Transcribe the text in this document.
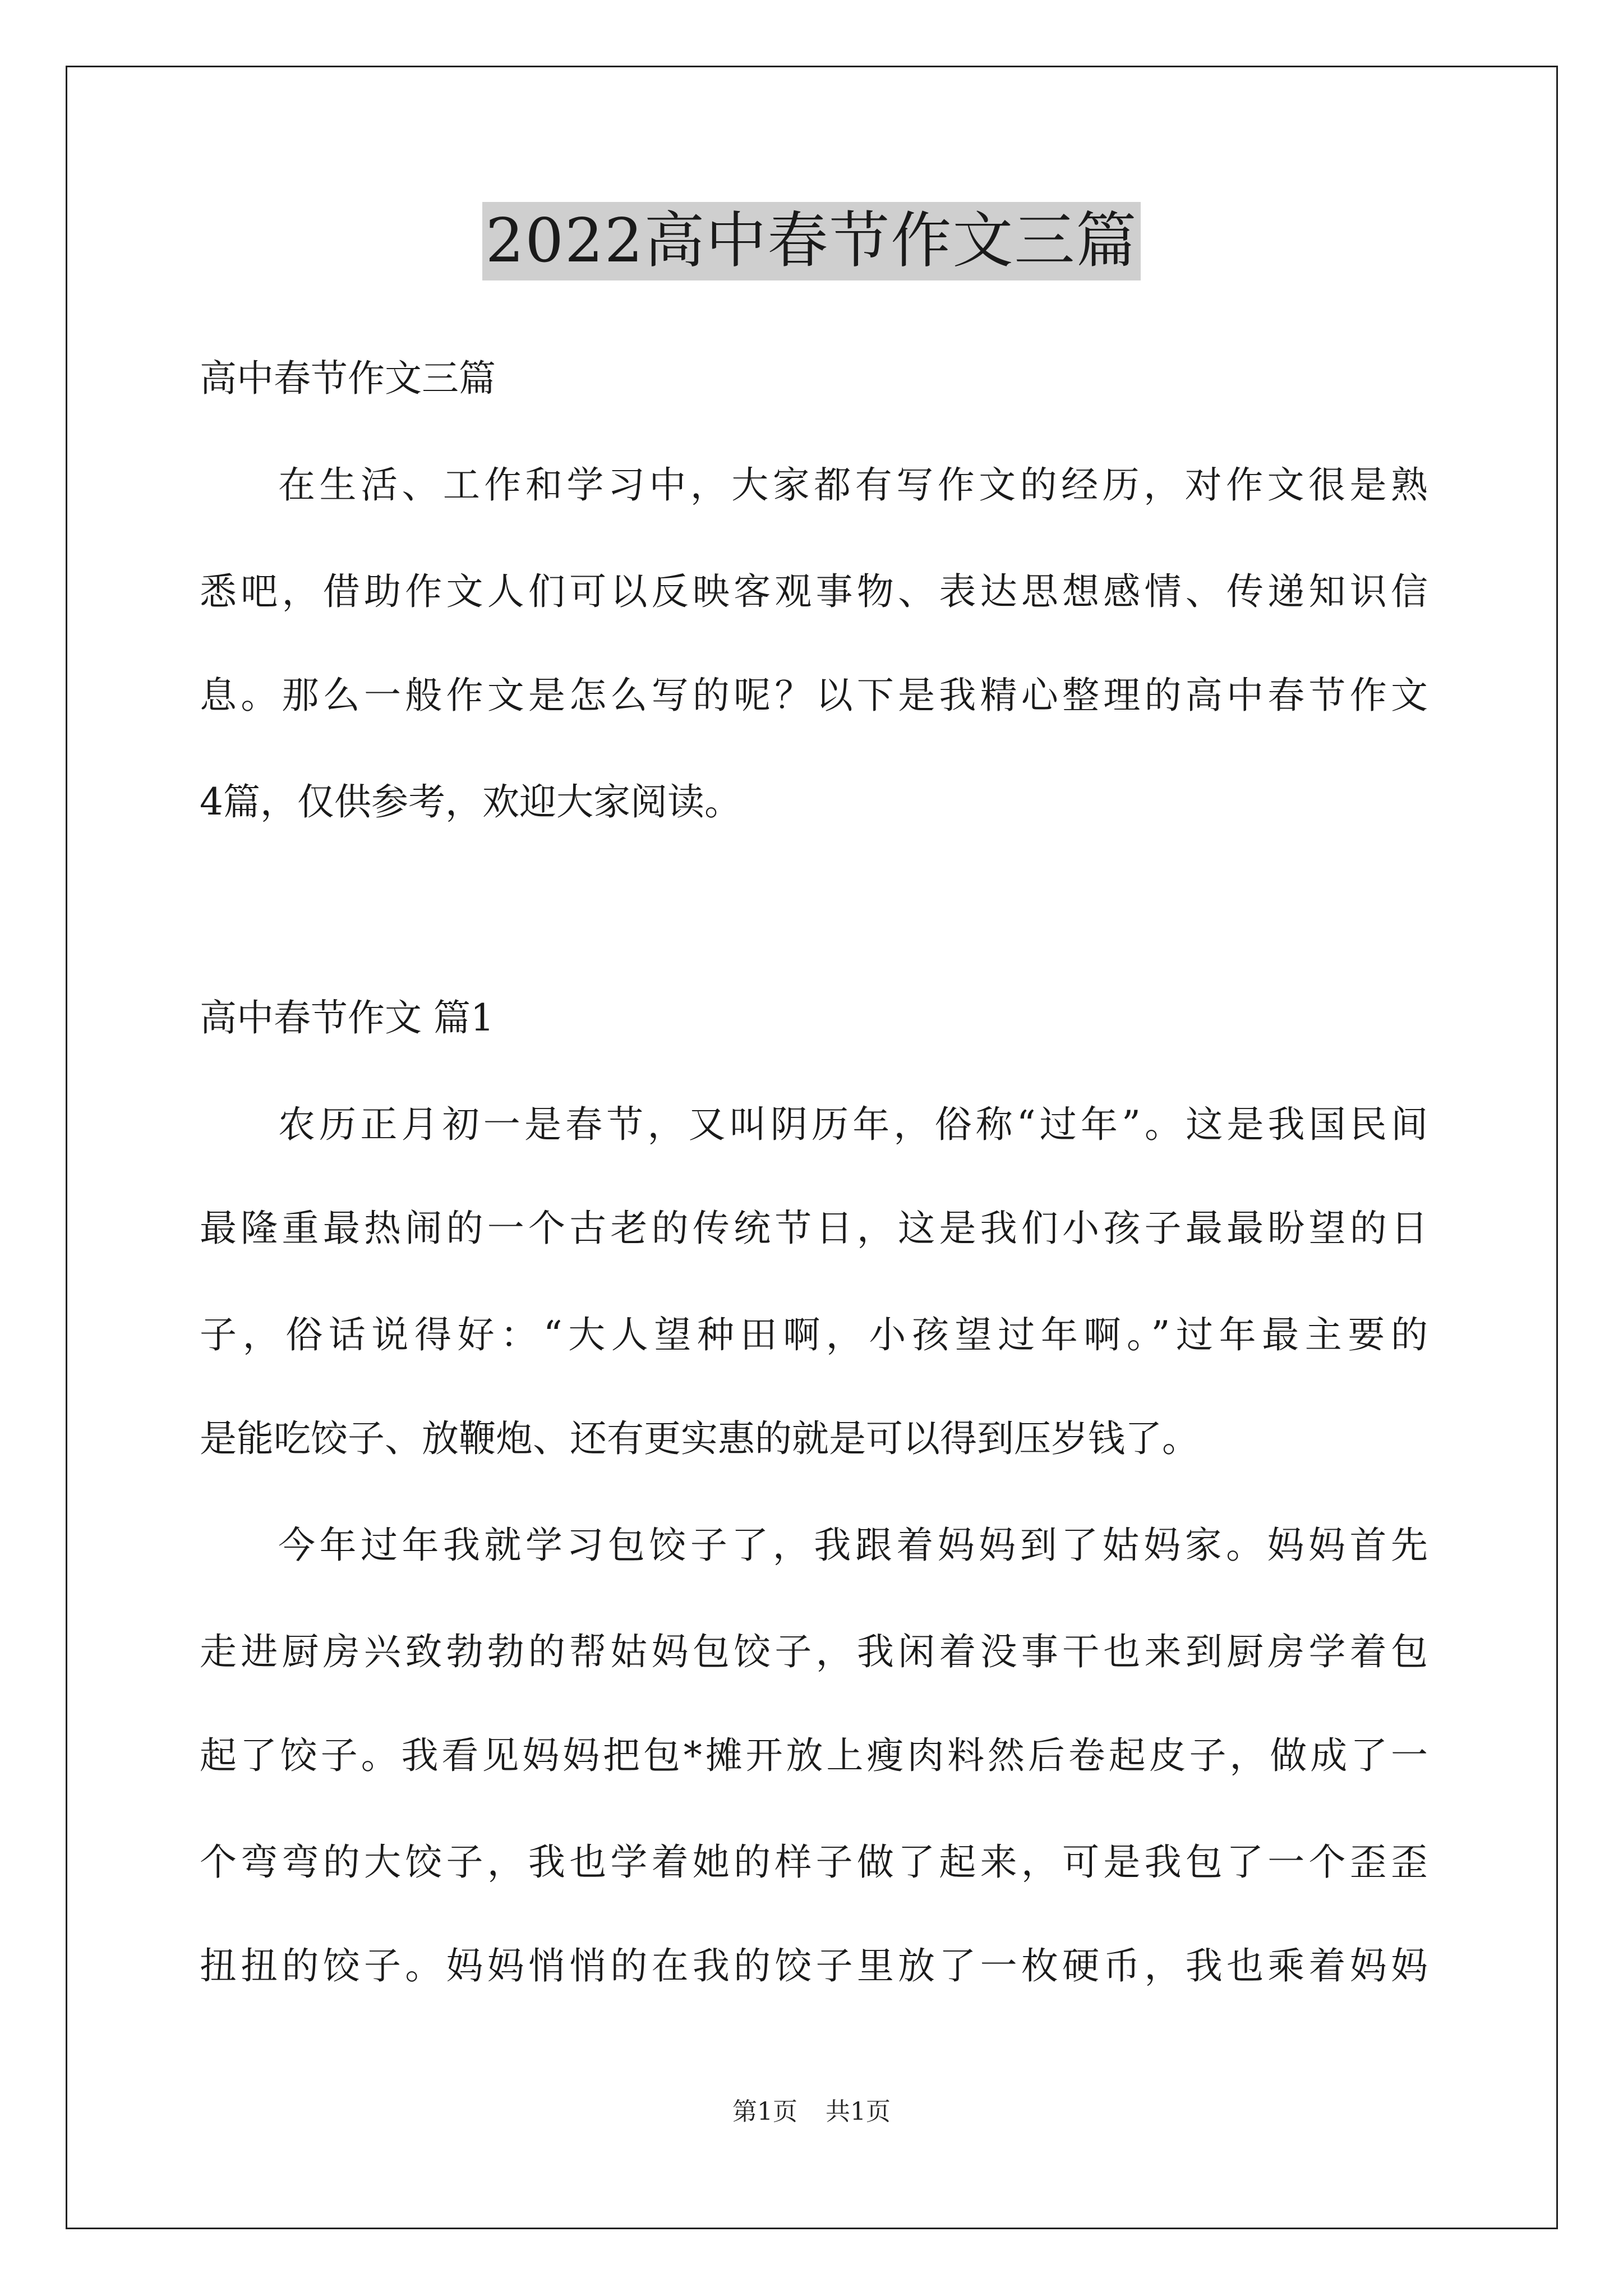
2022高中春节作文三篇
高中春节作文三篇
在生活、工作和学习中，大家都有写作文的经历，对作文很是熟
悉吧，借助作文人们可以反映客观事物、表达思想感情、传递知识信
息。那么一般作文是怎么写的呢？以下是我精心整理的高中春节作文
4篇，仅供参考，欢迎大家阅读。
高中春节作文 篇1
农历正月初一是春节，又叫阴历年，俗称“过年”。这是我国民间
最隆重最热闹的一个古老的传统节日，这是我们小孩子最最盼望的日
子，俗话说得好：“大人望种田啊，小孩望过年啊。”过年最主要的
是能吃饺子、放鞭炮、还有更实惠的就是可以得到压岁钱了。
今年过年我就学习包饺子了，我跟着妈妈到了姑妈家。妈妈首先
走进厨房兴致勃勃的帮姑妈包饺子，我闲着没事干也来到厨房学着包
起了饺子。我看见妈妈把包*摊开放上瘦肉料然后卷起皮子，做成了一
个弯弯的大饺子，我也学着她的样子做了起来，可是我包了一个歪歪
扭扭的饺子。妈妈悄悄的在我的饺子里放了一枚硬币，我也乘着妈妈
第1页 共1页
